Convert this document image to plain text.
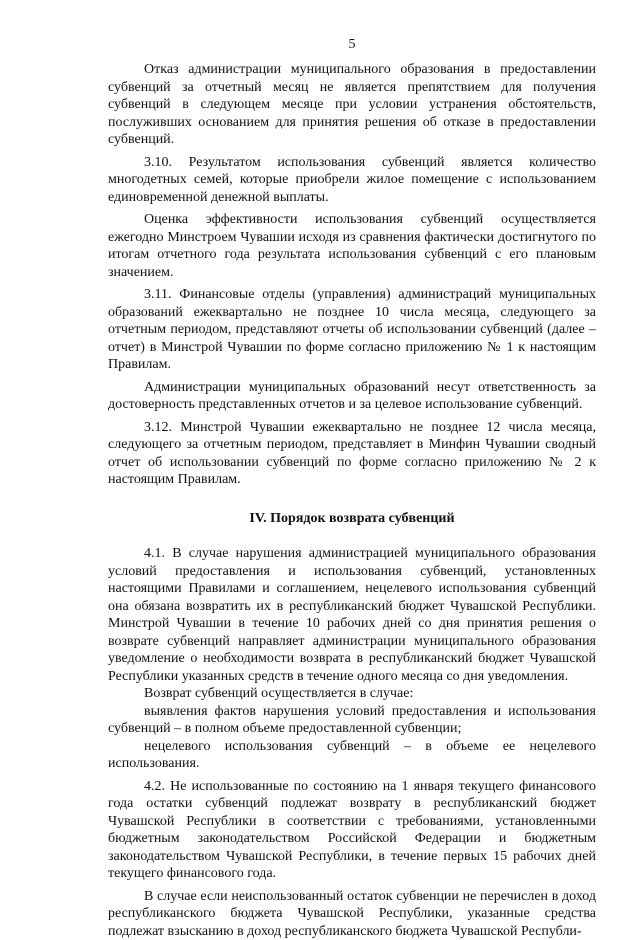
5

Отказ администрации муниципального образования в предоставлении субвенций за отчетный месяц не является препятствием для получения субвенций в следующем месяце при условии устранения обстоятельств, послуживших основанием для принятия решения об отказе в предоставлении субвенций.

3.10. Результатом использования субвенций является количество многодетных семей, которые приобрели жилое помещение с использованием единовременной денежной выплаты.

Оценка эффективности использования субвенций осуществляется ежегодно Минстроем Чувашии исходя из сравнения фактически достигнутого по итогам отчетного года результата использования субвенций с его плановым значением.

3.11. Финансовые отделы (управления) администраций муниципальных образований ежеквартально не позднее 10 числа месяца, следующего за отчетным периодом, представляют отчеты об использовании субвенций (далее – отчет) в Минстрой Чувашии по форме согласно приложению № 1 к настоящим Правилам.

Администрации муниципальных образований несут ответственность за достоверность представленных отчетов и за целевое использование субвенций.

3.12. Минстрой Чувашии ежеквартально не позднее 12 числа месяца, следующего за отчетным периодом, представляет в Минфин Чувашии сводный отчет об использовании субвенций по форме согласно приложению № 2 к настоящим Правилам.

IV. Порядок возврата субвенций

4.1. В случае нарушения администрацией муниципального образования условий предоставления и использования субвенций, установленных настоящими Правилами и соглашением, нецелевого использования субвенций она обязана возвратить их в республиканский бюджет Чувашской Республики. Минстрой Чувашии в течение 10 рабочих дней со дня принятия решения о возврате субвенций направляет администрации муниципального образования уведомление о необходимости возврата в республиканский бюджет Чувашской Республики указанных средств в течение одного месяца со дня уведомления.

Возврат субвенций осуществляется в случае:

выявления фактов нарушения условий предоставления и использования субвенций – в полном объеме предоставленной субвенции;

нецелевого использования субвенций – в объеме ее нецелевого использования.

4.2. Не использованные по состоянию на 1 января текущего финансового года остатки субвенций подлежат возврату в республиканский бюджет Чувашской Республики в соответствии с требованиями, установленными бюджетным законодательством Российской Федерации и бюджетным законодательством Чувашской Республики, в течение первых 15 рабочих дней текущего финансового года.

В случае если неиспользованный остаток субвенции не перечислен в доход республиканского бюджета Чувашской Республики, указанные средства подлежат взысканию в доход республиканского бюджета Чувашской Республи-
